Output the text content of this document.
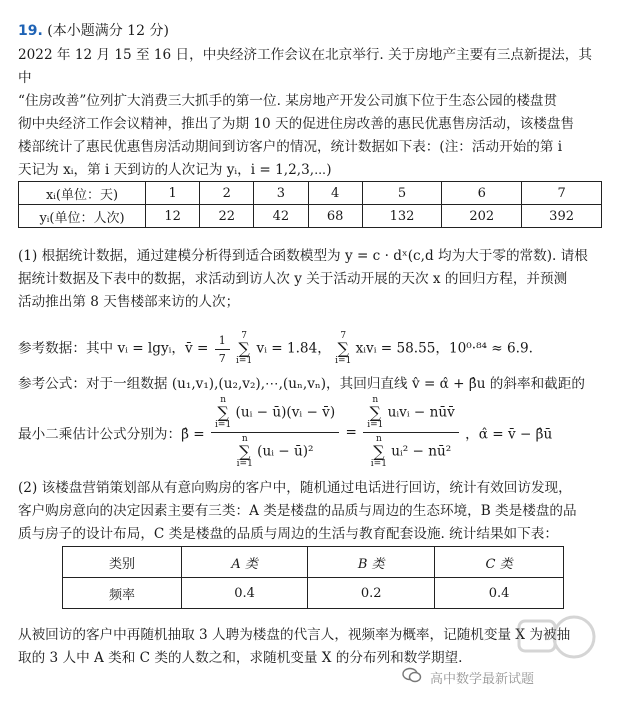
19. (本小题满分 12 分)
2022 年 12 月 15 至 16 日，中央经济工作会议在北京举行. 关于房地产主要有三点新提法，其中
“住房改善”位列扩大消费三大抓手的第一位. 某房地产开发公司旗下位于生态公园的楼盘贯
彻中央经济工作会议精神，推出了为期 10 天的促进住房改善的惠民优惠售房活动，该楼盘售
楼部统计了惠民优惠售房活动期间到访客户的情况，统计数据如下表：(注：活动开始的第 i
天记为 xᵢ，第 i 天到访的人次记为 yᵢ，i = 1,2,3,⋯)
xᵢ(单位：天)	1	2	3	4	5	6	7
yᵢ(单位：人次)	12	22	42	68	132	202	392
(1) 根据统计数据，通过建模分析得到适合函数模型为 y = c · dˣ(c,d 均为大于零的常数). 请根
据统计数据及下表中的数据，求活动到访人次 y 关于活动开展的天次 x 的回归方程，并预测
活动推出第 8 天售楼部来访的人次；
参考数据：其中 vᵢ = lgyᵢ，v̄ = $\frac{1}{7} 7$
∑
i=1 vᵢ = 1.84， 7
∑
i=1 xᵢvᵢ = 58.55，10⁰·⁸⁴ ≈ 6.9.
参考公式：对于一组数据 (u₁,v₁),(u₂,v₂),⋯,(uₙ,vₙ)，其回归直线 v̂ = α̂ + β̂u 的斜率和截距的
最小二乘估计公式分别为：β̂ =
n
∑
i=1 (uᵢ − ū)(vᵢ − v̄)
n
∑
i=1 (uᵢ − ū)²
= n
∑
i=1 uᵢvᵢ − nūv̄
n
∑
i=1 uᵢ² − nū² ，α̂ = v̄ − β̂ū
(2) 该楼盘营销策划部从有意向购房的客户中，随机通过电话进行回访，统计有效回访发现，
客户购房意向的决定因素主要有三类：A 类是楼盘的品质与周边的生态环境，B 类是楼盘的品
质与房子的设计布局，C 类是楼盘的品质与周边的生活与教育配套设施. 统计结果如下表：
类别	A 类	B 类	C 类
频率	0.4	0.2	0.4
从被回访的客户中再随机抽取 3 人聘为楼盘的代言人，视频率为概率，记随机变量 X 为被抽
取的 3 人中 A 类和 C 类的人数之和，求随机变量 X 的分布列和数学期望.
高中数学最新试题
